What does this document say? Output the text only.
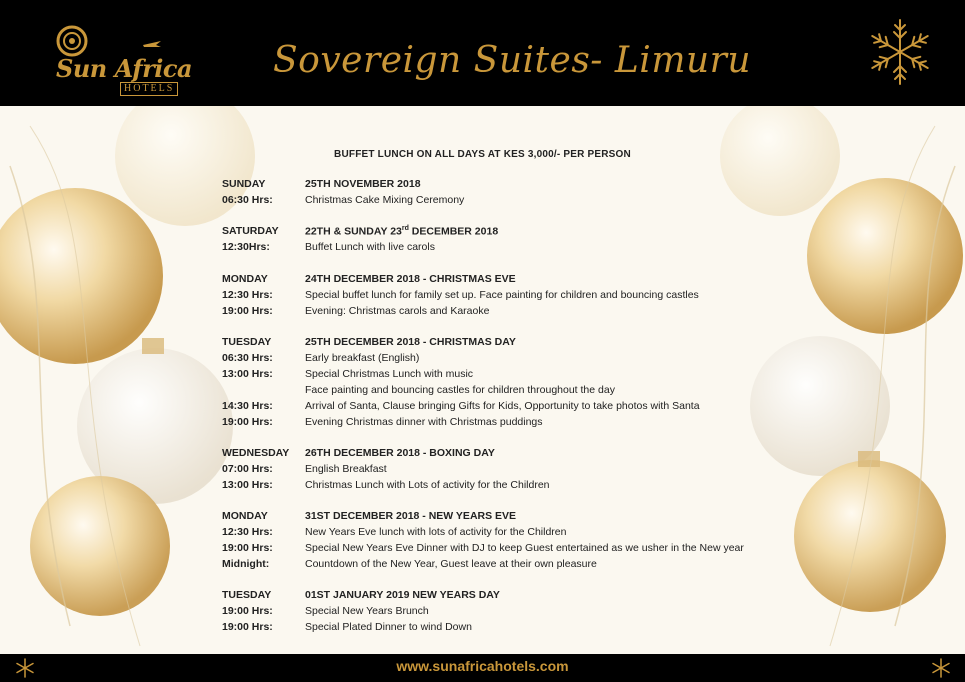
Sun Africa
HOTELS
Sovereign Suites- Limuru
BUFFET LUNCH ON ALL DAYS AT KES 3,000/- PER PERSON
SUNDAY	25TH NOVEMBER 2018
06:30 Hrs:	Christmas Cake Mixing Ceremony
SATURDAY	22TH & SUNDAY 23rd DECEMBER 2018
12:30Hrs:	Buffet Lunch with live carols
MONDAY	24TH DECEMBER 2018 - CHRISTMAS EVE
12:30 Hrs:	Special buffet lunch for family set up. Face painting for children and bouncing castles
19:00 Hrs:	Evening: Christmas carols and Karaoke
TUESDAY	25TH DECEMBER 2018 - CHRISTMAS DAY
06:30 Hrs:	Early breakfast (English)
13:00 Hrs:	Special Christmas Lunch with music
Face painting and bouncing castles for children throughout the day
14:30 Hrs:	Arrival of Santa, Clause bringing Gifts for Kids, Opportunity to take photos with Santa
19:00 Hrs:	Evening Christmas dinner with Christmas puddings
WEDNESDAY 26TH DECEMBER 2018 - BOXING DAY
07:00 Hrs:	English Breakfast
13:00 Hrs:	Christmas Lunch with Lots of activity for the Children
MONDAY	31ST DECEMBER 2018 - NEW YEARS EVE
12:30 Hrs:	New Years Eve lunch with lots of activity for the Children
19:00 Hrs:	Special New Years Eve Dinner with DJ to keep Guest entertained as we usher in the New year
Midnight:	Countdown of the New Year, Guest leave at their own pleasure
TUESDAY	01ST JANUARY 2019 NEW YEARS DAY
19:00 Hrs:	Special New Years Brunch
19:00 Hrs:	Special Plated Dinner to wind Down
www.sunafricahotels.com
